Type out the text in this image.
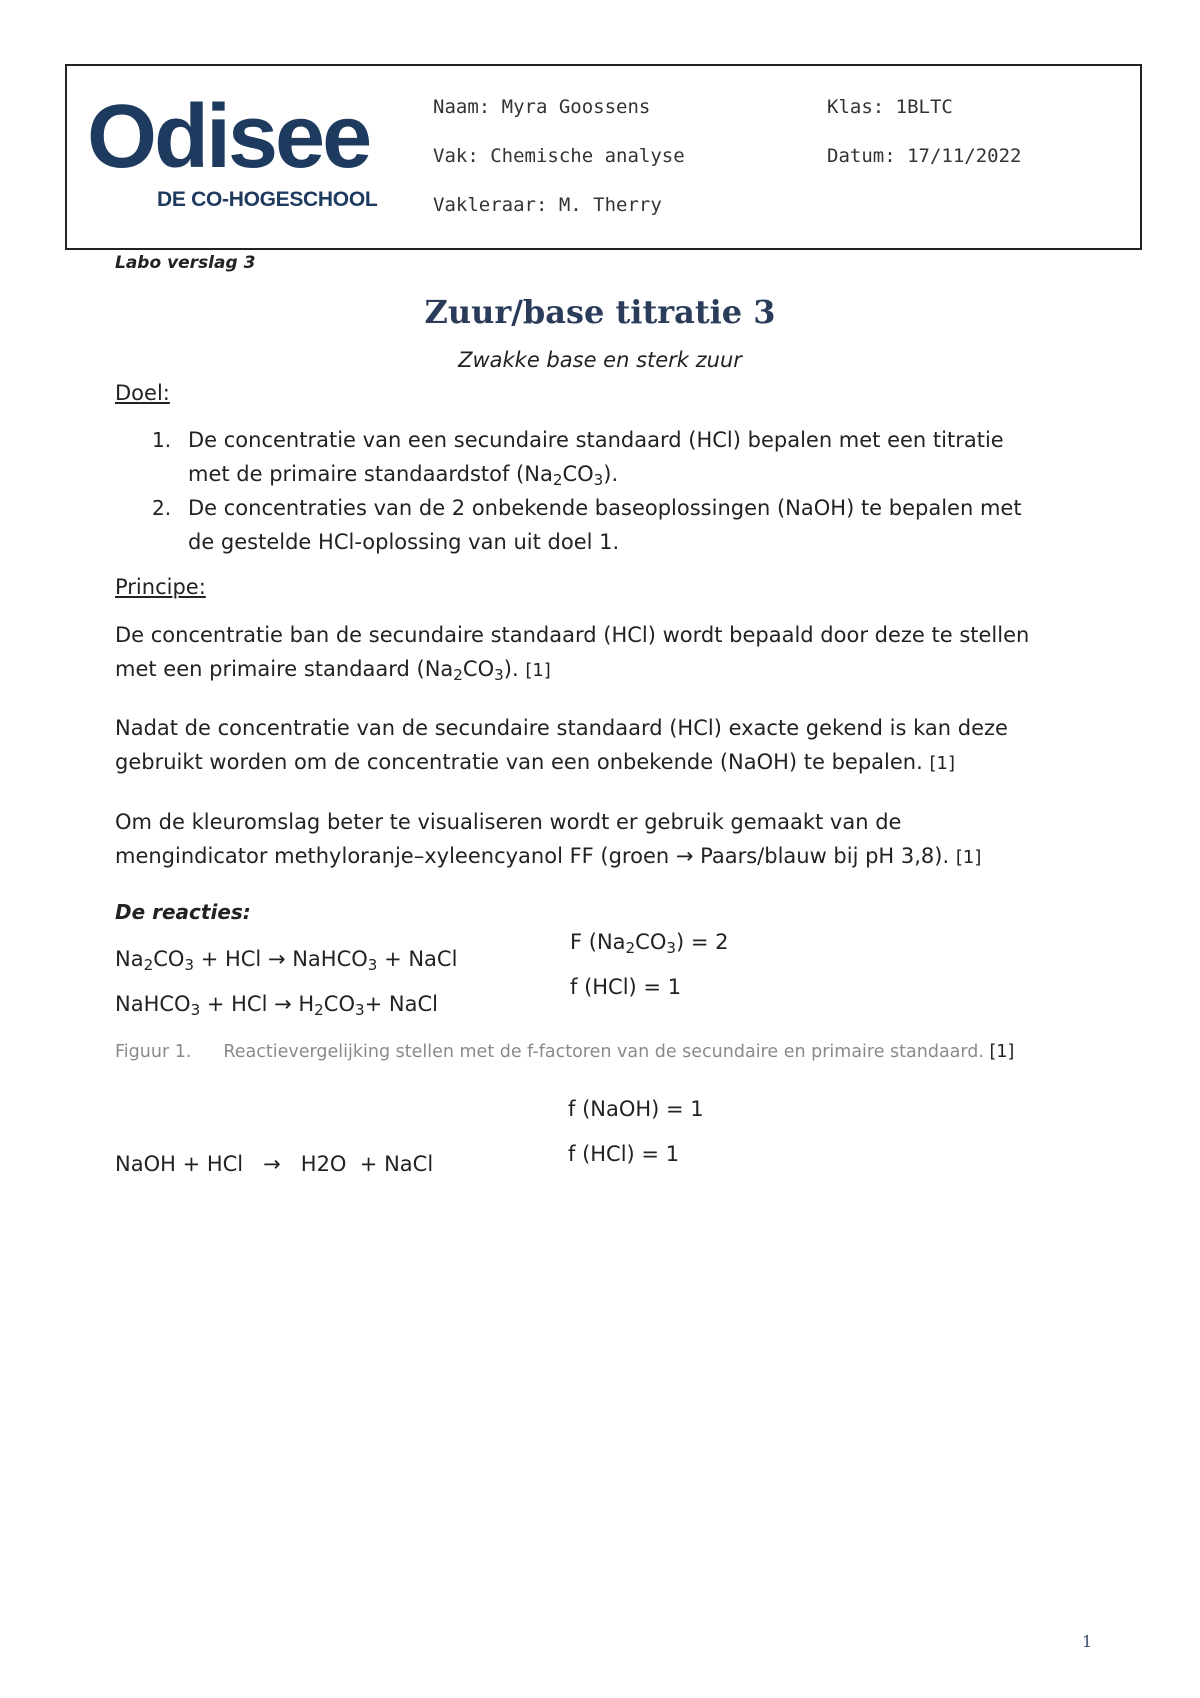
Odisee
DE CO-HOGESCHOOL
Naam: Myra Goossens
Vak: Chemische analyse
Vakleraar: M. Therry
Klas: 1BLTC
Datum: 17/11/2022
Labo verslag 3
Zuur/base titratie 3
Zwakke base en sterk zuur
Doel:
1. De concentratie van een secundaire standaard (HCl) bepalen met een titratie
met de primaire standaardstof $(Na_2CO_3)$.
2. De concentraties van de 2 onbekende baseoplossingen (NaOH) te bepalen met
de gestelde HCl-oplossing van uit doel 1.
Principe:
De concentratie ban de secundaire standaard (HCl) wordt bepaald door deze te stellen
met een primaire standaard $(Na_2CO_3)$. [1]
Nadat de concentratie van de secundaire standaard (HCl) exacte gekend is kan deze
gebruikt worden om de concentratie van een onbekende (NaOH) te bepalen. [1]
Om de kleuromslag beter te visualiseren wordt er gebruik gemaakt van de
mengindicator methyloranje–xyleencyanol FF (groen → Paars/blauw bij pH 3,8). [1]
De reacties:
$Na_2CO_3$ + HCl → NaHCO$_3$ + NaCl
NaHCO$_3$ + HCl → $H_2CO_3+$ NaCl
F $(Na_2CO_3) = 2$
f (HCl) = 1
Figuur 1. Reactievergelijking stellen met de f-factoren van de secundaire en primaire standaard. [1]
f (NaOH) = 1
f (HCl) = 1
NaOH + HCl   →   H2O  + NaCl
1
